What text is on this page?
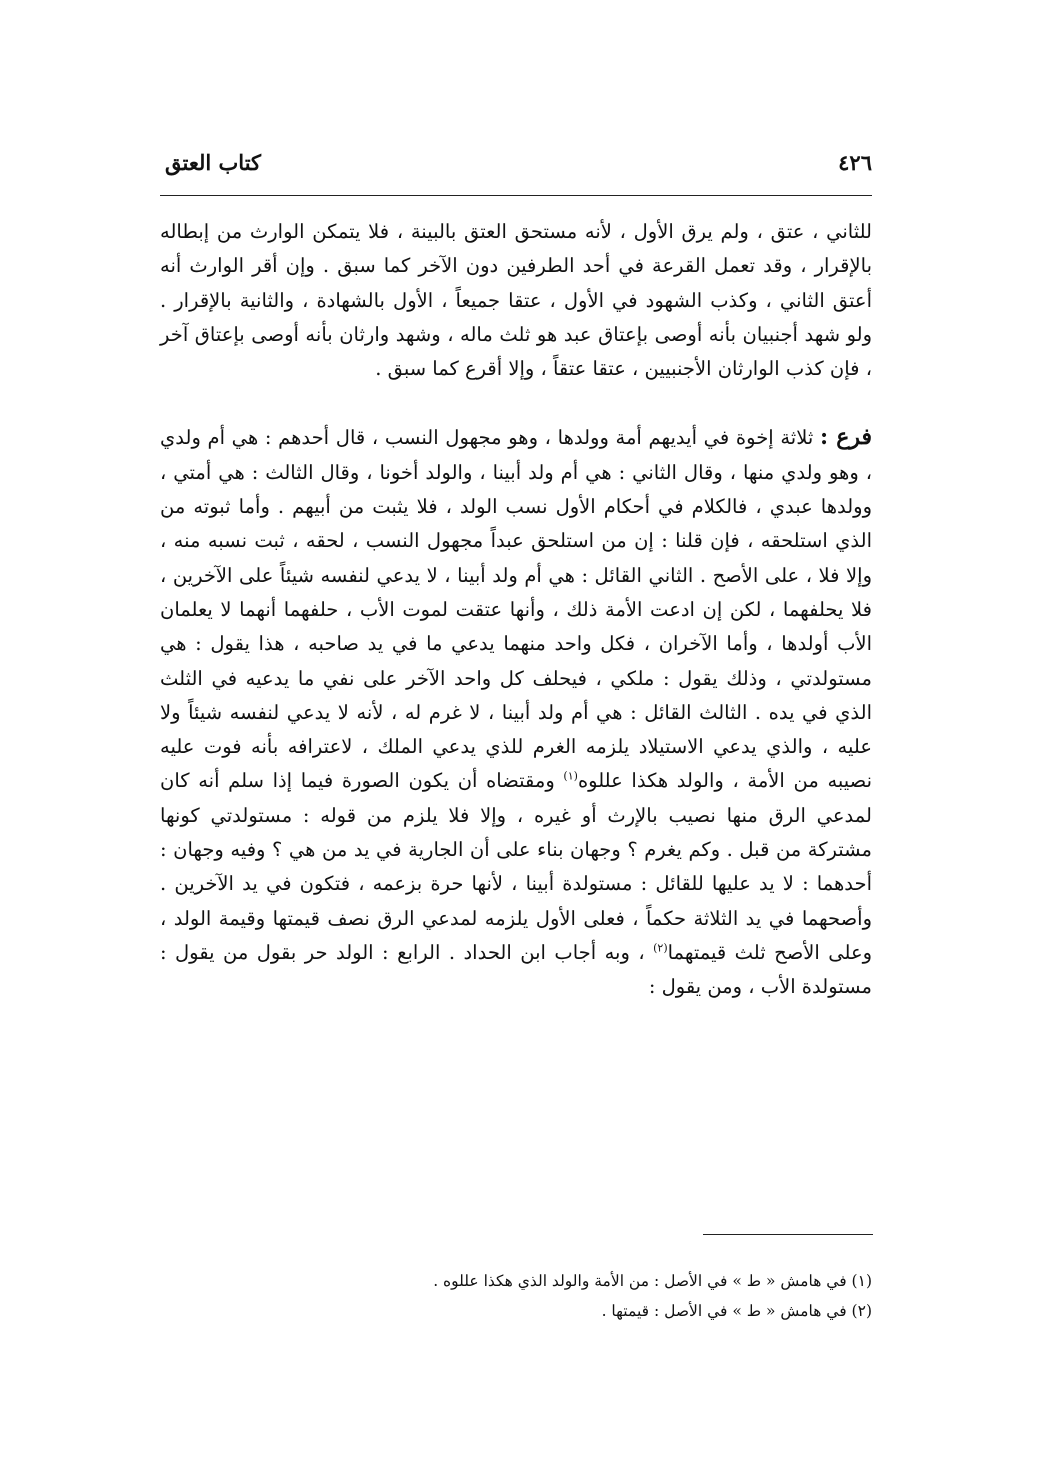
٤٢٦
كتاب العتق

للثاني ، عتق ، ولم يرق الأول ، لأنه مستحق العتق بالبينة ، فلا يتمكن الوارث من إبطاله بالإقرار ، وقد تعمل القرعة في أحد الطرفين دون الآخر كما سبق . وإن أقر الوارث أنه أعتق الثاني ، وكذب الشهود في الأول ، عتقا جميعاً ، الأول بالشهادة ، والثانية بالإقرار . ولو شهد أجنبيان بأنه أوصى بإعتاق عبد هو ثلث ماله ، وشهد وارثان بأنه أوصى بإعتاق آخر ، فإن كذب الوارثان الأجنبيين ، عتقا عتقاً ، وإلا أقرع كما سبق .

فرع : ثلاثة إخوة في أيديهم أمة وولدها ، وهو مجهول النسب ، قال أحدهم : هي أم ولدي ، وهو ولدي منها ، وقال الثاني : هي أم ولد أبينا ، والولد أخونا ، وقال الثالث : هي أمتي ، وولدها عبدي ، فالكلام في أحكام الأول نسب الولد ، فلا يثبت من أبيهم . وأما ثبوته من الذي استلحقه ، فإن قلنا : إن من استلحق عبداً مجهول النسب ، لحقه ، ثبت نسبه منه ، وإلا فلا ، على الأصح . الثاني القائل : هي أم ولد أبينا ، لا يدعي لنفسه شيئاً على الآخرين ، فلا يحلفهما ، لكن إن ادعت الأمة ذلك ، وأنها عتقت لموت الأب ، حلفهما أنهما لا يعلمان الأب أولدها ، وأما الآخران ، فكل واحد منهما يدعي ما في يد صاحبه ، هذا يقول : هي مستولدتي ، وذلك يقول : ملكي ، فيحلف كل واحد الآخر على نفي ما يدعيه في الثلث الذي في يده . الثالث القائل : هي أم ولد أبينا ، لا غرم له ، لأنه لا يدعي لنفسه شيئاً ولا عليه ، والذي يدعي الاستيلاد يلزمه الغرم للذي يدعي الملك ، لاعترافه بأنه فوت عليه نصيبه من الأمة ، والولد هكذا عللوه$^{(١)}$ ومقتضاه أن يكون الصورة فيما إذا سلم أنه كان لمدعي الرق منها نصيب بالإرث أو غيره ، وإلا فلا يلزم من قوله : مستولدتي كونها مشتركة من قبل . وكم يغرم ؟ وجهان بناء على أن الجارية في يد من هي ؟ وفيه وجهان : أحدهما : لا يد عليها للقائل : مستولدة أبينا ، لأنها حرة بزعمه ، فتكون في يد الآخرين . وأصحهما في يد الثلاثة حكماً ، فعلى الأول يلزمه لمدعي الرق نصف قيمتها وقيمة الولد ، وعلى الأصح ثلث قيمتهما$^{(٢)}$ ، وبه أجاب ابن الحداد . الرابع : الولد حر بقول من يقول : مستولدة الأب ، ومن يقول :

(١) في هامش « ط » في الأصل : من الأمة والولد الذي هكذا عللوه .
(٢) في هامش « ط » في الأصل : قيمتها .
